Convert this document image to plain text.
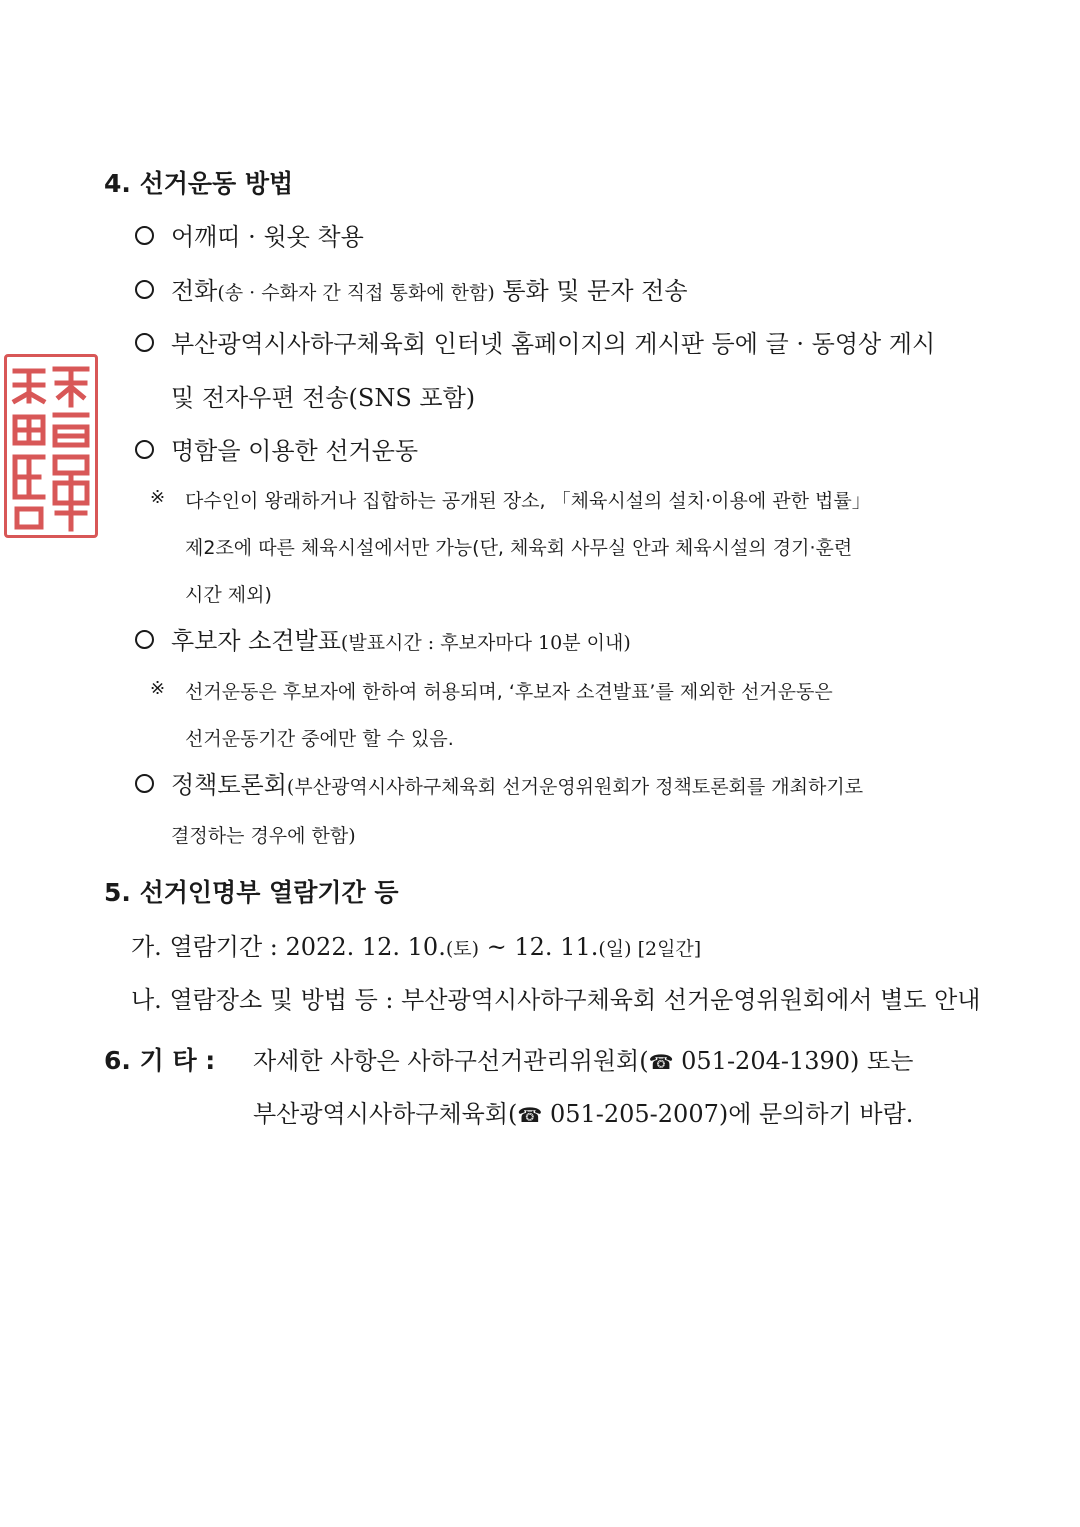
4. 선거운동 방법
어깨띠 · 윗옷 착용
전화(송 · 수화자 간 직접 통화에 한함) 통화 및 문자 전송
부산광역시사하구체육회 인터넷 홈페이지의 게시판 등에 글 · 동영상 게시
및 전자우편 전송(SNS 포함)
명함을 이용한 선거운동
※ 다수인이 왕래하거나 집합하는 공개된 장소, 「체육시설의 설치·이용에 관한 법률」
제2조에 따른 체육시설에서만 가능(단, 체육회 사무실 안과 체육시설의 경기·훈련
시간 제외)
후보자 소견발표(발표시간 : 후보자마다 10분 이내)
※ 선거운동은 후보자에 한하여 허용되며, ‘후보자 소견발표’를 제외한 선거운동은
선거운동기간 중에만 할 수 있음.
정책토론회(부산광역시사하구체육회 선거운영위원회가 정책토론회를 개최하기로
결정하는 경우에 한함)
5. 선거인명부 열람기간 등
가. 열람기간 : 2022. 12. 10.(토) ~ 12. 11.(일) [2일간]
나. 열람장소 및 방법 등 : 부산광역시사하구체육회 선거운영위원회에서 별도 안내
6. 기 타 : 자세한 사항은 사하구선거관리위원회(☎ 051-204-1390) 또는
부산광역시사하구체육회(☎ 051-205-2007)에 문의하기 바람.
